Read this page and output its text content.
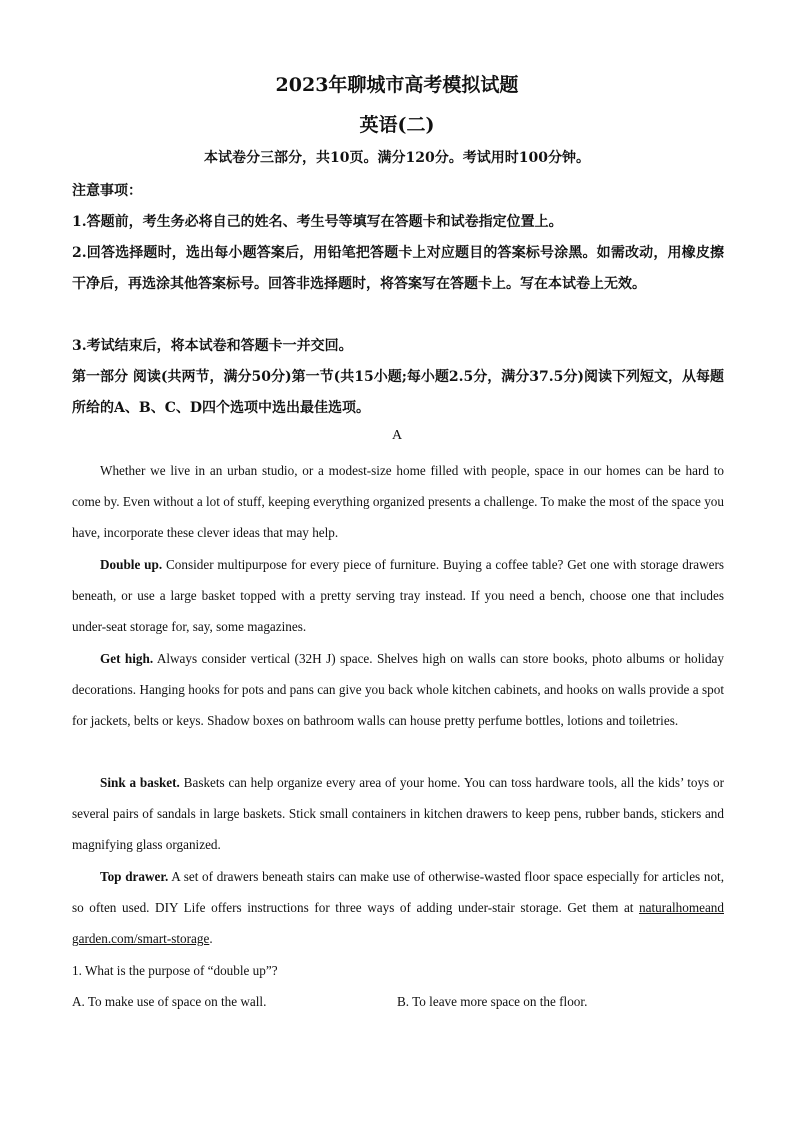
2023年聊城市高考模拟试题
英语(二)
本试卷分三部分，共10页。满分120分。考试用时100分钟。
注意事项：
1.答题前，考生务必将自己的姓名、考生号等填写在答题卡和试卷指定位置上。
2.回答选择题时，选出每小题答案后，用铅笔把答题卡上对应题目的答案标号涂黑。如需改动，用橡皮擦干净后，再选涂其他答案标号。回答非选择题时，将答案写在答题卡上。写在本试卷上无效。
3.考试结束后，将本试卷和答题卡一并交回。
第一部分 阅读(共两节，满分50分)第一节(共15小题;每小题2.5分，满分37.5分)阅读下列短文，从每题所给的A、B、C、D四个选项中选出最佳选项。
A
Whether we live in an urban studio, or a modest-size home filled with people, space in our homes can be hard to come by. Even without a lot of stuff, keeping everything organized presents a challenge. To make the most of the space you have, incorporate these clever ideas that may help.
Double up. Consider multipurpose for every piece of furniture. Buying a coffee table? Get one with storage drawers beneath, or use a large basket topped with a pretty serving tray instead. If you need a bench, choose one that includes under-seat storage for, say, some magazines.
Get high. Always consider vertical (32H J) space. Shelves high on walls can store books, photo albums or holiday decorations. Hanging hooks for pots and pans can give you back whole kitchen cabinets, and hooks on walls provide a spot for jackets, belts or keys. Shadow boxes on bathroom walls can house pretty perfume bottles, lotions and toiletries.
Sink a basket. Baskets can help organize every area of your home. You can toss hardware tools, all the kids’ toys or several pairs of sandals in large baskets. Stick small containers in kitchen drawers to keep pens, rubber bands, stickers and magnifying glass organized.
Top drawer. A set of drawers beneath stairs can make use of otherwise-wasted floor space especially for articles not, so often used. DIY Life offers instructions for three ways of adding under-stair storage. Get them at naturalhomeand garden.com/smart-storage.
1. What is the purpose of “double up”?
A. To make use of space on the wall.	B. To leave more space on the floor.
